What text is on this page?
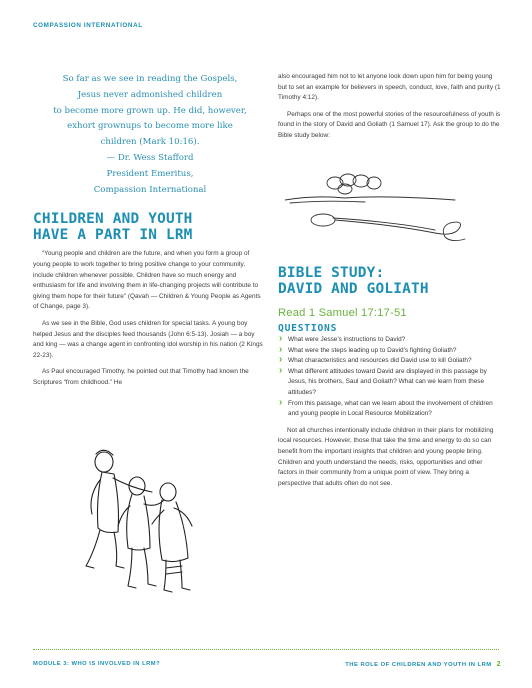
COMPASSION INTERNATIONAL

So far as we see in reading the Gospels,

Jesus never admonished children

to become more grown up. He did, however,

exhort grownups to become more like

children (Mark 10:16).

— Dr. Wess Stafford

President Emeritus,

Compassion International

CHILDREN AND YOUTH
HAVE A PART IN LRM

“Young people and children are the future, and when you form a group of young people to work together to bring positive change to your community, include children whenever possible. Children have so much energy and enthusiasm for life and involving them in life-changing projects will contribute to giving them hope for their future” (Qavah — Children & Young People as Agents of Change, page 3).

As we see in the Bible, God uses children for special tasks. A young boy helped Jesus and the disciples feed thousands (John 6:5-13). Josiah — a boy and king — was a change agent in confronting idol worship in his nation (2 Kings 22-23).

As Paul encouraged Timothy, he pointed out that Timothy had known the Scriptures “from childhood.” He

also encouraged him not to let anyone look down upon him for being young but to set an example for believers in speech, conduct, love, faith and purity (1 Timothy 4:12).

Perhaps one of the most powerful stories of the resourcefulness of youth is found in the story of David and Goliath (1 Samuel 17). Ask the group to do the Bible study below:

BIBLE STUDY:
DAVID AND GOLIATH
Read 1 Samuel 17:17-51
QUESTIONS
› What were Jesse’s instructions to David?
› What were the steps leading up to David’s fighting Goliath?
› What characteristics and resources did David use to kill Goliath?
› What different attitudes toward David are displayed in this passage by Jesus, his brothers, Saul and Goliath? What can we learn from these attitudes?
› From this passage, what can we learn about the involvement of children and young people in Local Resource Mobilization?

Not all churches intentionally include children in their plans for mobilizing local resources. However, those that take the time and energy to do so can benefit from the important insights that children and young people bring. Children and youth understand the needs, risks, opportunities and other factors in their community from a unique point of view. They bring a perspective that adults often do not see.

MODULE 3: WHO IS INVOLVED IN LRM?	THE ROLE OF CHILDREN AND YOUTH IN LRM 2
